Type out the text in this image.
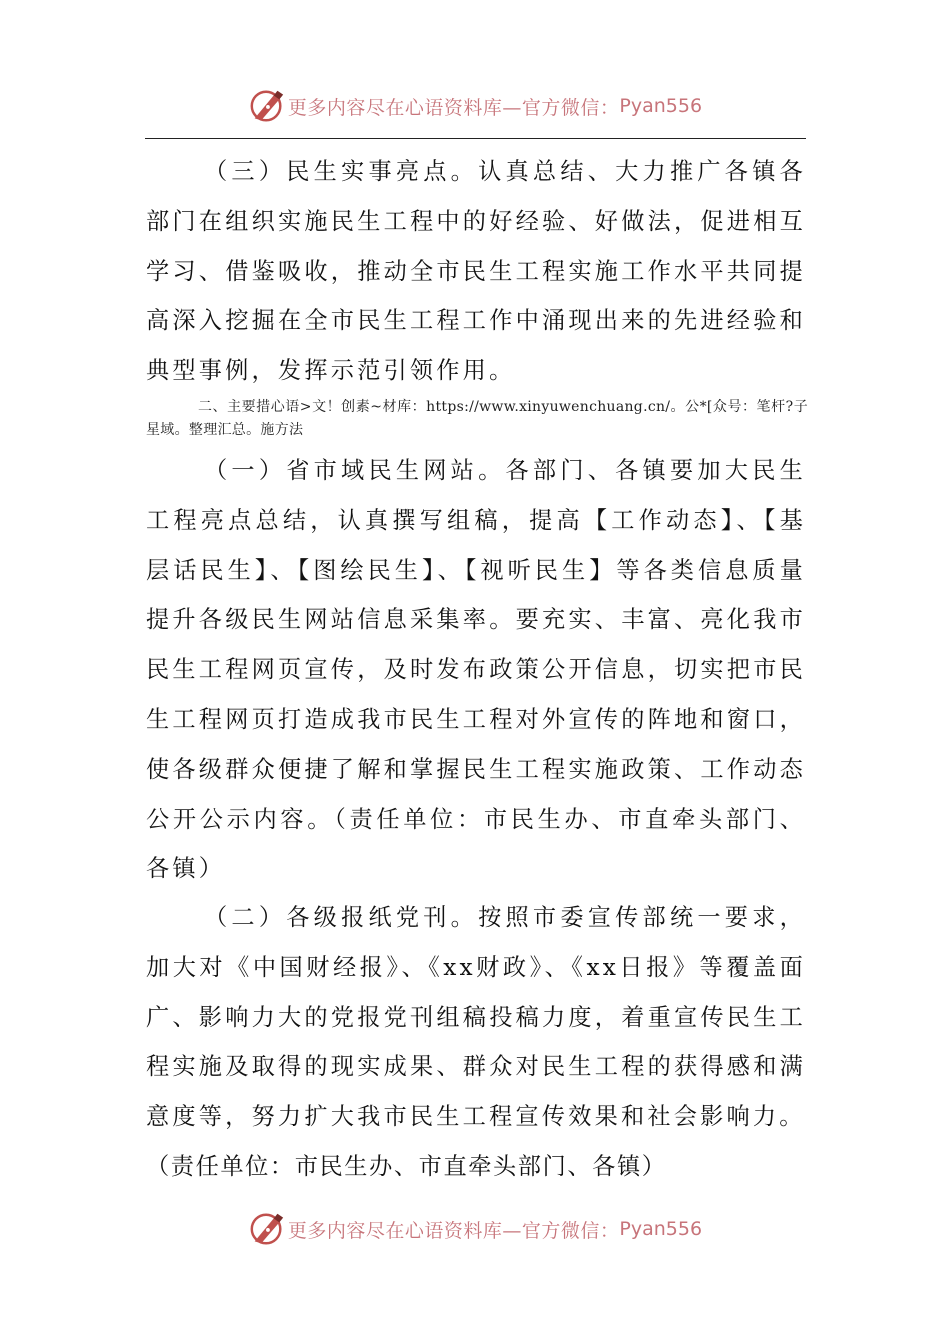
更多内容尽在心语资料库—官方微信： Pyan556

（三）民生实事亮点。认真总结、大力推广各镇各部门在组织实施民生工程中的好经验、好做法，促进相互学习、借鉴吸收，推动全市民生工程实施工作水平共同提高深入挖掘在全市民生工程工作中涌现出来的先进经验和典型事例，发挥示范引领作用。

二、主要措心语>文！创素~材库：https://www.xinyuwenchuang.cn/。公*[众号：笔杆?子星域。整理汇总。施方法

（一）省市域民生网站。各部门、各镇要加大民生工程亮点总结，认真撰写组稿，提高【工作动态】、【基层话民生】、【图绘民生】、【视听民生】等各类信息质量提升各级民生网站信息采集率。要充实、丰富、亮化我市民生工程网页宣传，及时发布政策公开信息，切实把市民生工程网页打造成我市民生工程对外宣传的阵地和窗口，使各级群众便捷了解和掌握民生工程实施政策、工作动态公开公示内容。（责任单位：市民生办、市直牵头部门、各镇）

（二）各级报纸党刊。按照市委宣传部统一要求，加大对《中国财经报》、《xx财政》、《xx日报》等覆盖面广、影响力大的党报党刊组稿投稿力度，着重宣传民生工程实施及取得的现实成果、群众对民生工程的获得感和满意度等，努力扩大我市民生工程宣传效果和社会影响力。

（责任单位：市民生办、市直牵头部门、各镇）

更多内容尽在心语资料库—官方微信： Pyan556
